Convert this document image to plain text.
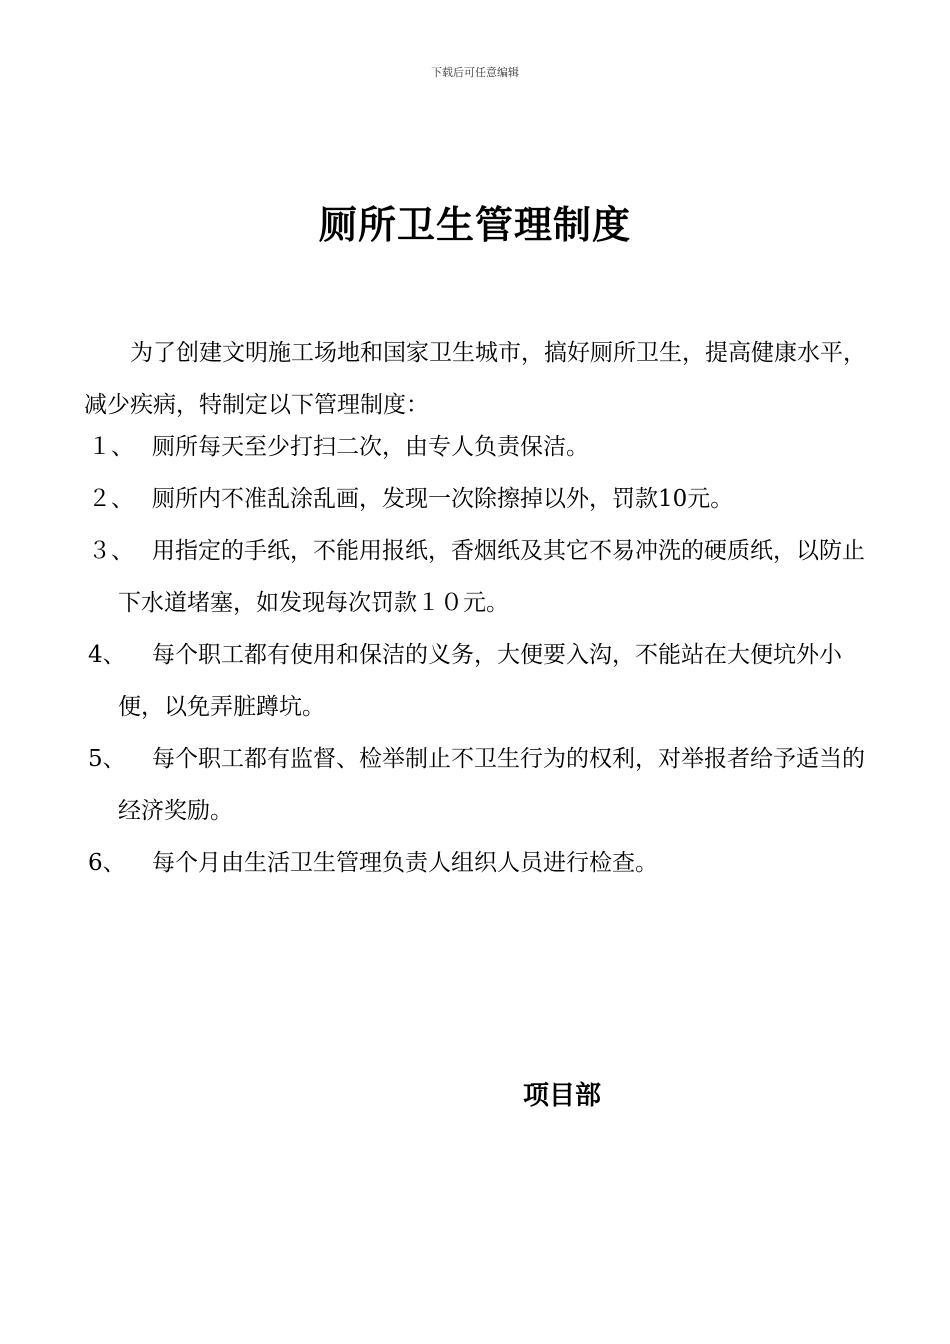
下载后可任意编辑
厕所卫生管理制度

为了创建文明施工场地和国家卫生城市，搞好厕所卫生，提高健康水平，减少疾病，特制定以下管理制度：

１、 厕所每天至少打扫二次，由专人负责保洁。
２、 厕所内不准乱涂乱画，发现一次除擦掉以外，罚款10元。
３、 用指定的手纸，不能用报纸，香烟纸及其它不易冲洗的硬质纸，以防止下水道堵塞，如发现每次罚款１０元。
4、	每个职工都有使用和保洁的义务，大便要入沟，不能站在大便坑外小便，以免弄脏蹲坑。
5、	每个职工都有监督、检举制止不卫生行为的权利，对举报者给予适当的经济奖励。
6、	每个月由生活卫生管理负责人组织人员进行检查。
项目部
